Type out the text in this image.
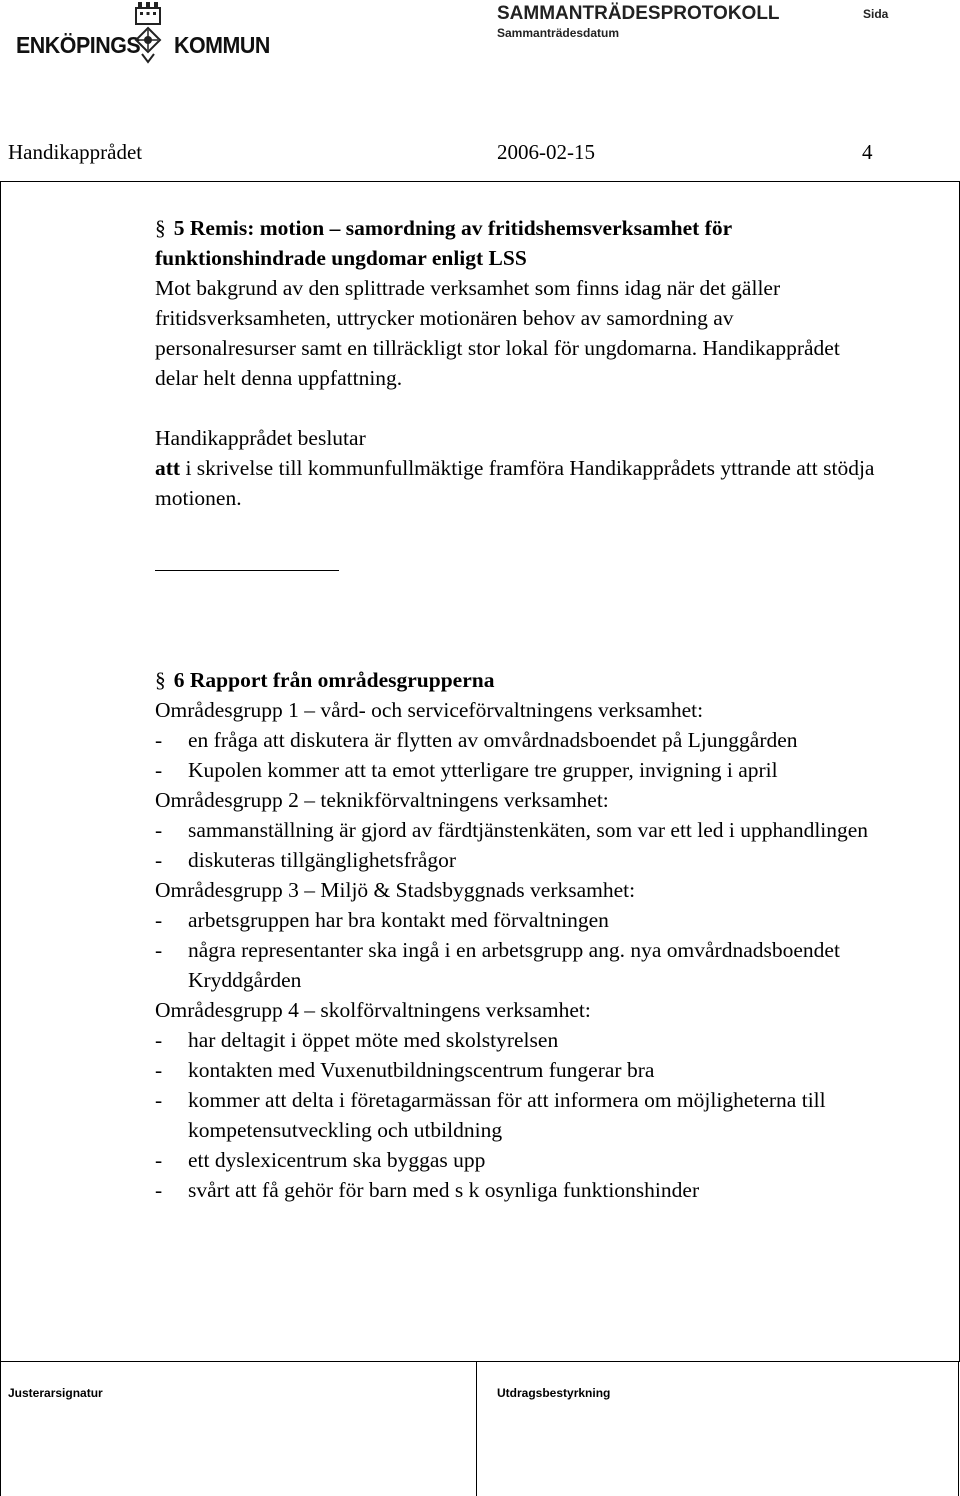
ENKÖPINGS KOMMUN
SAMMANTRÄDESPROTOKOLL
Sammanträdesdatum
Sida
Handikapprådet	2006-02-15	4

§ 5 Remis: motion – samordning av fritidshemsverksamhet för

funktionshindrade ungdomar enligt LSS

Mot bakgrund av den splittrade verksamhet som finns idag när det gäller fritidsverksamheten, uttrycker motionären behov av samordning av personalresurser samt en tillräckligt stor lokal för ungdomarna. Handikapprådet delar helt denna uppfattning.

Handikapprådet beslutar

att i skrivelse till kommunfullmäktige framföra Handikapprådets yttrande att stödja motionen.

§ 6 Rapport från områdesgrupperna

Områdesgrupp 1 – vård- och serviceförvaltningens verksamhet:

- en fråga att diskutera är flytten av omvårdnadsboendet på Ljunggården
- Kupolen kommer att ta emot ytterligare tre grupper, invigning i april

Områdesgrupp 2 – teknikförvaltningens verksamhet:

- sammanställning är gjord av färdtjänstenkäten, som var ett led i upphandlingen
- diskuteras tillgänglighetsfrågor

Områdesgrupp 3 – Miljö & Stadsbyggnads verksamhet:

- arbetsgruppen har bra kontakt med förvaltningen
- några representanter ska ingå i en arbetsgrupp ang. nya omvårdnadsboendet Kryddgården

Områdesgrupp 4 – skolförvaltningens verksamhet:

- har deltagit i öppet möte med skolstyrelsen
- kontakten med Vuxenutbildningscentrum fungerar bra
- kommer att delta i företagarmässan för att informera om möjligheterna till kompetensutveckling och utbildning
- ett dyslexicentrum ska byggas upp
- svårt att få gehör för barn med s k osynliga funktionshinder
Justerarsignatur	Utdragsbestyrkning
